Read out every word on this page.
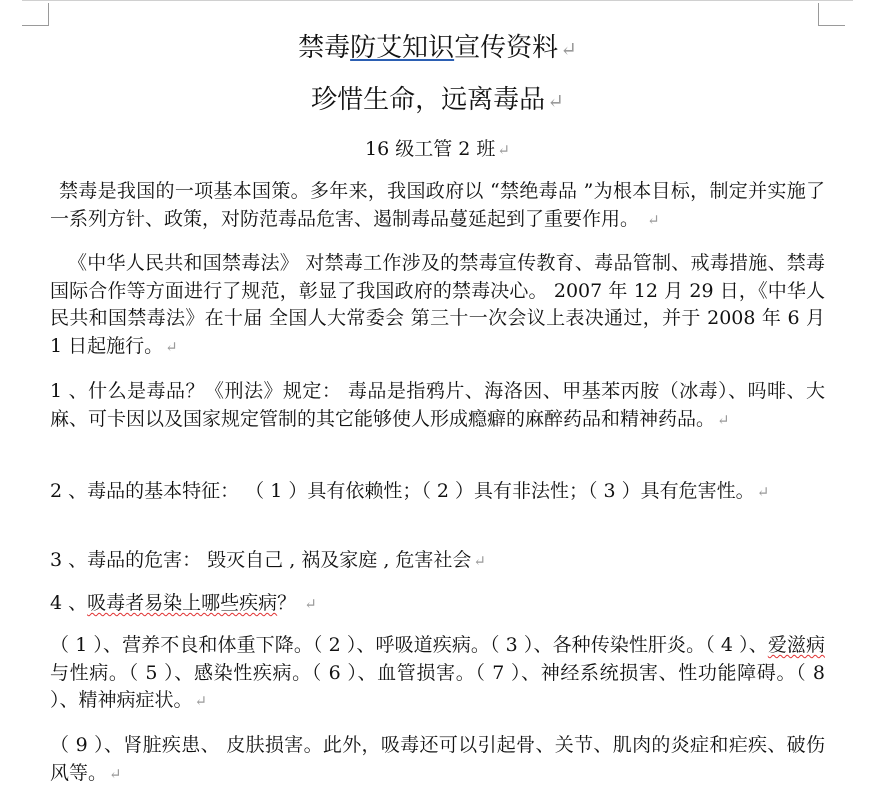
禁毒防艾知识宣传资料 ↵
珍惜生命，远离毒品 ↵
16 级工管 2 班 ↵
禁毒是我国的一项基本国策。多年来，我国政府以 “禁绝毒品 ”为根本目标，制定并实施了一系列方针、政策，对防范毒品危害、遏制毒品蔓延起到了重要作用。 ↵
《中华人民共和国禁毒法》 对禁毒工作涉及的禁毒宣传教育、毒品管制、戒毒措施、禁毒国际合作等方面进行了规范，彰显了我国政府的禁毒决心。 2007 年 12 月 29 日，《中华人民共和国禁毒法》在十届 全国人大常委会 第三十一次会议上表决通过，并于 2008 年 6 月 1 日起施行。 ↵
1 、什么是毒品？《刑法》规定： 毒品是指鸦片、海洛因、甲基苯丙胺（冰毒）、吗啡、大麻、可卡因以及国家规定管制的其它能够使人形成瘾癖的麻醉药品和精神药品。 ↵
2 、毒品的基本特征： （ 1 ）具有依赖性；（ 2 ）具有非法性；（ 3 ）具有危害性。 ↵
3 、毒品的危害： 毁灭自己 , 祸及家庭 , 危害社会 ↵
4 、吸毒者易染上哪些疾病？ ↵
（ 1 ）、营养不良和体重下降。（ 2 ）、呼吸道疾病。（ 3 ）、各种传染性肝炎。（ 4 ）、爱滋病与性病。（ 5 ）、感染性疾病。（ 6 ）、血管损害。（ 7 ）、神经系统损害、性功能障碍。（ 8 ）、精神病症状。 ↵
（ 9 ）、肾脏疾患、 皮肤损害。此外，吸毒还可以引起骨、关节、肌肉的炎症和疟疾、破伤风等。 ↵
